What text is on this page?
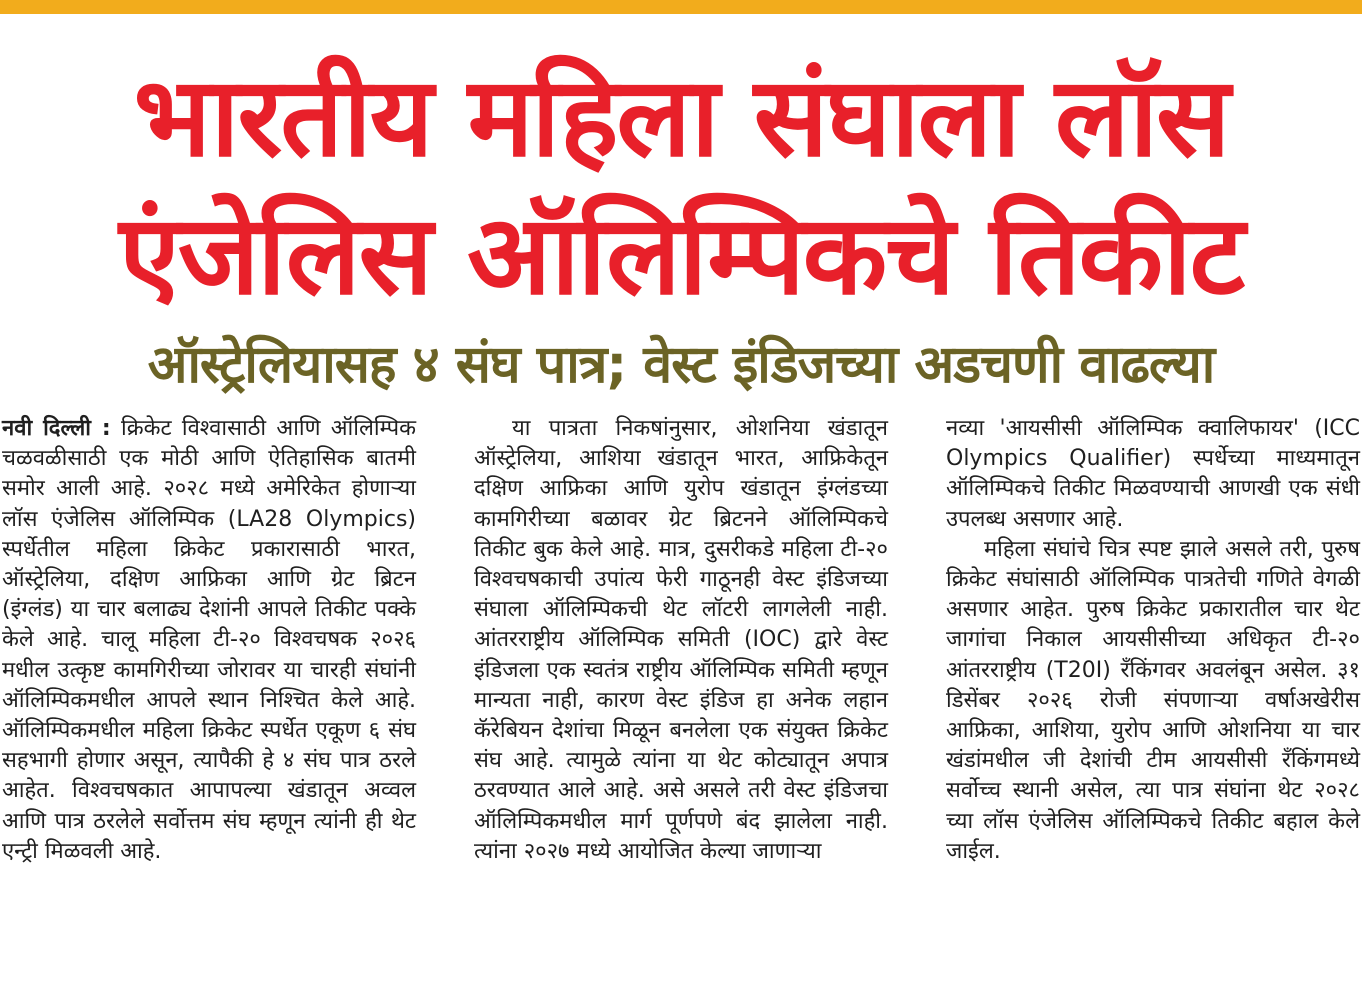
भारतीय महिला संघाला लॉस
एंजेलिस ऑलिम्पिकचे तिकीट
ऑस्ट्रेलियासह ४ संघ पात्र; वेस्ट इंडिजच्या अडचणी वाढल्या

नवी दिल्ली : क्रिकेट विश्वासाठी आणि ऑलिम्पिक चळवळीसाठी एक मोठी आणि ऐतिहासिक बातमी समोर आली आहे. २०२८ मध्ये अमेरिकेत होणाऱ्या लॉस एंजेलिस ऑलिम्पिक (LA28 Olympics) स्पर्धेतील महिला क्रिकेट प्रकारासाठी भारत, ऑस्ट्रेलिया, दक्षिण आफ्रिका आणि ग्रेट ब्रिटन (इंग्लंड) या चार बलाढ्य देशांनी आपले तिकीट पक्के केले आहे. चालू महिला टी-२० विश्वचषक २०२६ मधील उत्कृष्ट कामगिरीच्या जोरावर या चारही संघांनी ऑलिम्पिकमधील आपले स्थान निश्चित केले आहे. ऑलिम्पिकमधील महिला क्रिकेट स्पर्धेत एकूण ६ संघ सहभागी होणार असून, त्यापैकी हे ४ संघ पात्र ठरले आहेत. विश्वचषकात आपापल्या खंडातून अव्वल आणि पात्र ठरलेले सर्वोत्तम संघ म्हणून त्यांनी ही थेट एन्ट्री मिळवली आहे.

या पात्रता निकषांनुसार, ओशनिया खंडातून ऑस्ट्रेलिया, आशिया खंडातून भारत, आफ्रिकेतून दक्षिण आफ्रिका आणि युरोप खंडातून इंग्लंडच्या कामगिरीच्या बळावर ग्रेट ब्रिटनने ऑलिम्पिकचे तिकीट बुक केले आहे. मात्र, दुसरीकडे महिला टी-२० विश्वचषकाची उपांत्य फेरी गाठूनही वेस्ट इंडिजच्या संघाला ऑलिम्पिकची थेट लॉटरी लागलेली नाही. आंतरराष्ट्रीय ऑलिम्पिक समिती (IOC) द्वारे वेस्ट इंडिजला एक स्वतंत्र राष्ट्रीय ऑलिम्पिक समिती म्हणून मान्यता नाही, कारण वेस्ट इंडिज हा अनेक लहान कॅरेबियन देशांचा मिळून बनलेला एक संयुक्त क्रिकेट संघ आहे. त्यामुळे त्यांना या थेट कोट्यातून अपात्र ठरवण्यात आले आहे. असे असले तरी वेस्ट इंडिजचा ऑलिम्पिकमधील मार्ग पूर्णपणे बंद झालेला नाही. त्यांना २०२७ मध्ये आयोजित केल्या जाणाऱ्या

नव्या 'आयसीसी ऑलिम्पिक क्वालिफायर' (ICC Olympics Qualifier) स्पर्धेच्या माध्यमातून ऑलिम्पिकचे तिकीट मिळवण्याची आणखी एक संधी उपलब्ध असणार आहे.

महिला संघांचे चित्र स्पष्ट झाले असले तरी, पुरुष क्रिकेट संघांसाठी ऑलिम्पिक पात्रतेची गणिते वेगळी असणार आहेत. पुरुष क्रिकेट प्रकारातील चार थेट जागांचा निकाल आयसीसीच्या अधिकृत टी-२० आंतरराष्ट्रीय (T20I) रँकिंगवर अवलंबून असेल. ३१ डिसेंबर २०२६ रोजी संपणाऱ्या वर्षाअखेरीस आफ्रिका, आशिया, युरोप आणि ओशनिया या चार खंडांमधील जी देशांची टीम आयसीसी रँकिंगमध्ये सर्वोच्च स्थानी असेल, त्या पात्र संघांना थेट २०२८ च्या लॉस एंजेलिस ऑलिम्पिकचे तिकीट बहाल केले जाईल.
